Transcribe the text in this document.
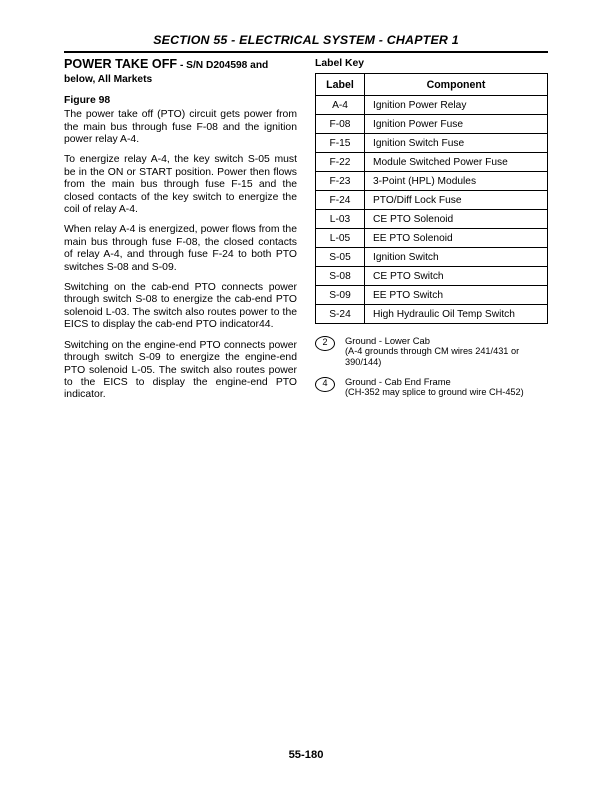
SECTION 55 - ELECTRICAL SYSTEM - CHAPTER 1
POWER TAKE OFF - S/N D204598 and below, All Markets
Figure 98

The power take off (PTO) circuit gets power from the main bus through fuse F-08 and the ignition power relay A-4.

To energize relay A-4, the key switch S-05 must be in the ON or START position. Power then flows from the main bus through fuse F-15 and the closed contacts of the key switch to energize the coil of relay A-4.

When relay A-4 is energized, power flows from the main bus through fuse F-08, the closed contacts of relay A-4, and through fuse F-24 to both PTO switches S-08 and S-09.

Switching on the cab-end PTO connects power through switch S-08 to energize the cab-end PTO solenoid L-03. The switch also routes power to the EICS to display the cab-end PTO indicator44.

Switching on the engine-end PTO connects power through switch S-09 to energize the engine-end PTO solenoid L-05. The switch also routes power to the EICS to display the engine-end PTO indicator.

Label Key
Label	Component
A-4	Ignition Power Relay
F-08	Ignition Power Fuse
F-15	Ignition Switch Fuse
F-22	Module Switched Power Fuse
F-23	3-Point (HPL) Modules
F-24	PTO/Diff Lock Fuse
L-03	CE PTO Solenoid
L-05	EE PTO Solenoid
S-05	Ignition Switch
S-08	CE PTO Switch
S-09	EE PTO Switch
S-24	High Hydraulic Oil Temp Switch
2	Ground - Lower Cab
(A-4 grounds through CM wires 241/431 or 390/144)
4	Ground - Cab End Frame
(CH-352 may splice to ground wire CH-452)
55-180
